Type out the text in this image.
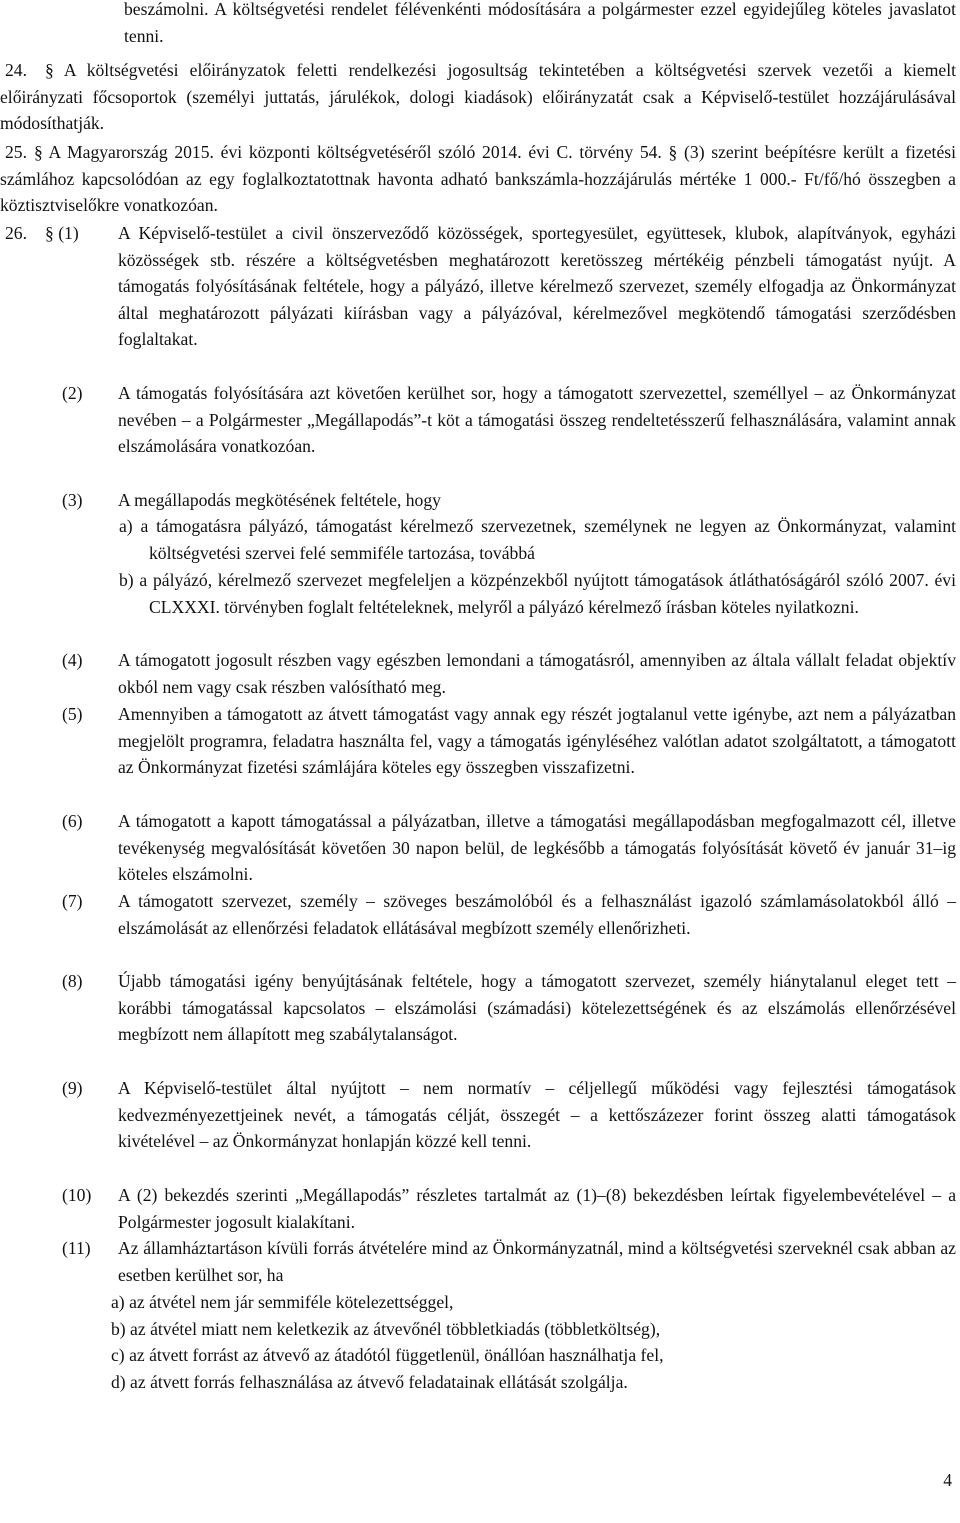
beszámolni. A költségvetési rendelet félévenkénti módosítására a polgármester ezzel egyidejűleg köteles javaslatot tenni.
24.	§ A költségvetési előirányzatok feletti rendelkezési jogosultság tekintetében a költségvetési szervek vezetői a kiemelt előirányzati főcsoportok (személyi juttatás, járulékok, dologi kiadások) előirányzatát csak a Képviselő-testület hozzájárulásával módosíthatják.
25. § A Magyarország 2015. évi központi költségvetéséről szóló 2014. évi C. törvény 54. § (3) szerint beépítésre került a fizetési számlához kapcsolódóan az egy foglalkoztatottnak havonta adható bankszámla-hozzájárulás mértéke 1 000.- Ft/fő/hó összegben a köztisztviselőkre vonatkozóan.
26. § (1) A Képviselő-testület a civil önszerveződő közösségek, sportegyesület, együttesek, klubok, alapítványok, egyházi közösségek stb. részére a költségvetésben meghatározott keretösszeg mértékéig pénzbeli támogatást nyújt. A támogatás folyósításának feltétele, hogy a pályázó, illetve kérelmező szervezet, személy elfogadja az Önkormányzat által meghatározott pályázati kiírásban vagy a pályázóval, kérelmezővel megkötendő támogatási szerződésben foglaltakat.
(2) A támogatás folyósítására azt követően kerülhet sor, hogy a támogatott szervezettel, személlyel – az Önkormányzat nevében – a Polgármester „Megállapodás”-t köt a támogatási összeg rendeltetésszerű felhasználására, valamint annak elszámolására vonatkozóan.
(3) A megállapodás megkötésének feltétele, hogy
a) a támogatásra pályázó, támogatást kérelmező szervezetnek, személynek ne legyen az Önkormányzat, valamint költségvetési szervei felé semmiféle tartozása, továbbá
b) a pályázó, kérelmező szervezet megfeleljen a közpénzekből nyújtott támogatások átláthatóságáról szóló 2007. évi CLXXXI. törvényben foglalt feltételeknek, melyről a pályázó kérelmező írásban köteles nyilatkozni.
(4) A támogatott jogosult részben vagy egészben lemondani a támogatásról, amennyiben az általa vállalt feladat objektív okból nem vagy csak részben valósítható meg.
(5) Amennyiben a támogatott az átvett támogatást vagy annak egy részét jogtalanul vette igénybe, azt nem a pályázatban megjelölt programra, feladatra használta fel, vagy a támogatás igényléséhez valótlan adatot szolgáltatott, a támogatott az Önkormányzat fizetési számlájára köteles egy összegben visszafizetni.
(6) A támogatott a kapott támogatással a pályázatban, illetve a támogatási megállapodásban megfogalmazott cél, illetve tevékenység megvalósítását követően 30 napon belül, de legkésőbb a támogatás folyósítását követő év január 31–ig köteles elszámolni.
(7) A támogatott szervezet, személy – szöveges beszámolóból és a felhasználást igazoló számlamásolatokból álló – elszámolását az ellenőrzési feladatok ellátásával megbízott személy ellenőrizheti.
(8) Újabb támogatási igény benyújtásának feltétele, hogy a támogatott szervezet, személy hiánytalanul eleget tett – korábbi támogatással kapcsolatos – elszámolási (számadási) kötelezettségének és az elszámolás ellenőrzésével megbízott nem állapított meg szabálytalanságot.
(9) A Képviselő-testület által nyújtott – nem normatív – céljellegű működési vagy fejlesztési támogatások kedvezményezettjeinek nevét, a támogatás célját, összegét – a kettőszázezer forint összeg alatti támogatások kivételével – az Önkormányzat honlapján közzé kell tenni.
(10) A (2) bekezdés szerinti „Megállapodás” részletes tartalmát az (1)–(8) bekezdésben leírtak figyelembevételével – a Polgármester jogosult kialakítani.
(11) Az államháztartáson kívüli forrás átvételére mind az Önkormányzatnál, mind a költségvetési szerveknél csak abban az esetben kerülhet sor, ha
a) az átvétel nem jár semmiféle kötelezettséggel,
b) az átvétel miatt nem keletkezik az átvevőnél többletkiadás (többletköltség),
c) az átvett forrást az átvevő az átadótól függetlenül, önállóan használhatja fel,
d) az átvett forrás felhasználása az átvevő feladatainak ellátását szolgálja.
4
